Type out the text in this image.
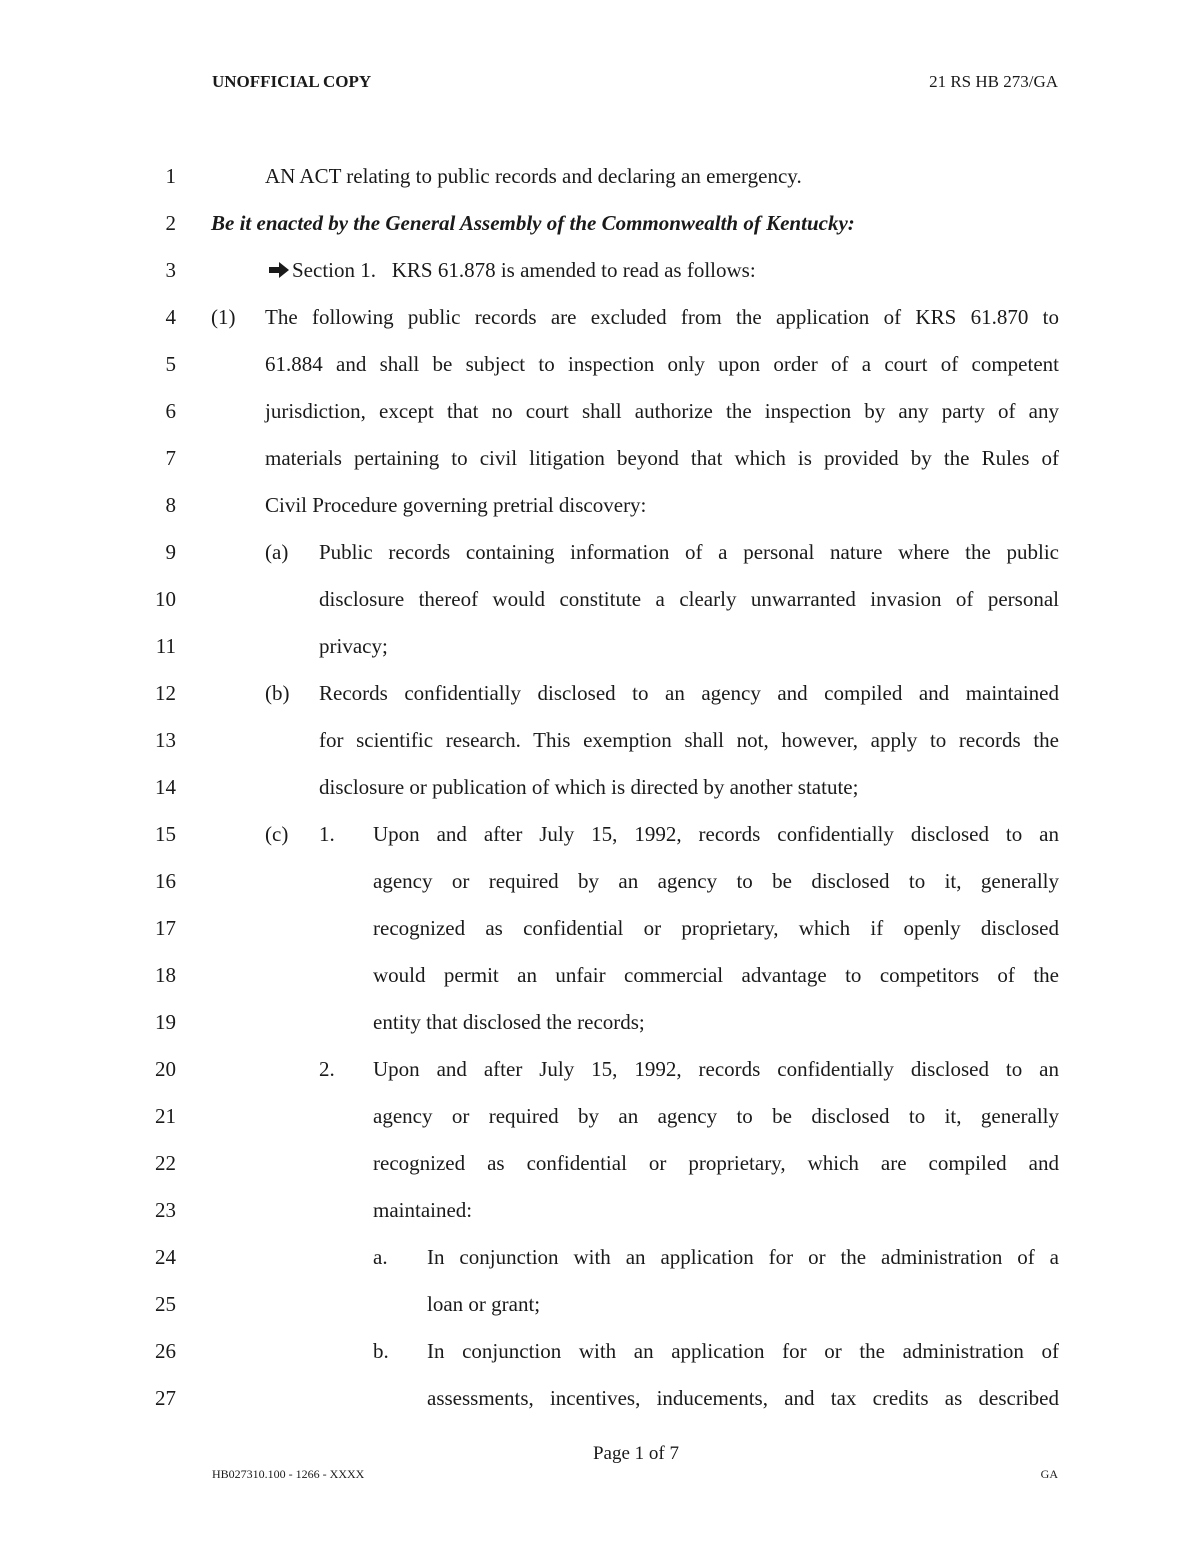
UNOFFICIAL COPY	21 RS HB 273/GA
1	AN ACT relating to public records and declaring an emergency.
2 Be it enacted by the General Assembly of the Commonwealth of Kentucky:
3	Section 1.   KRS 61.878 is amended to read as follows:
4 (1) The following public records are excluded from the application of KRS 61.870 to
5	61.884 and shall be subject to inspection only upon order of a court of competent
6	jurisdiction, except that no court shall authorize the inspection by any party of any
7	materials pertaining to civil litigation beyond that which is provided by the Rules of
8	Civil Procedure governing pretrial discovery:
9	(a) Public records containing information of a personal nature where the public
10	disclosure thereof would constitute a clearly unwarranted invasion of personal
11	privacy;
12	(b) Records confidentially disclosed to an agency and compiled and maintained
13	for scientific research. This exemption shall not, however, apply to records the
14	disclosure or publication of which is directed by another statute;
15	(c) 1. Upon and after July 15, 1992, records confidentially disclosed to an
16	agency or required by an agency to be disclosed to it, generally
17	recognized as confidential or proprietary, which if openly disclosed
18	would permit an unfair commercial advantage to competitors of the
19	entity that disclosed the records;
20	2. Upon and after July 15, 1992, records confidentially disclosed to an
21	agency or required by an agency to be disclosed to it, generally
22	recognized as confidential or proprietary, which are compiled and
23	maintained:
24	a. In conjunction with an application for or the administration of a
25	loan or grant;
26	b. In conjunction with an application for or the administration of
27	assessments, incentives, inducements, and tax credits as described
Page 1 of 7
HB027310.100 - 1266 - XXXX	GA
